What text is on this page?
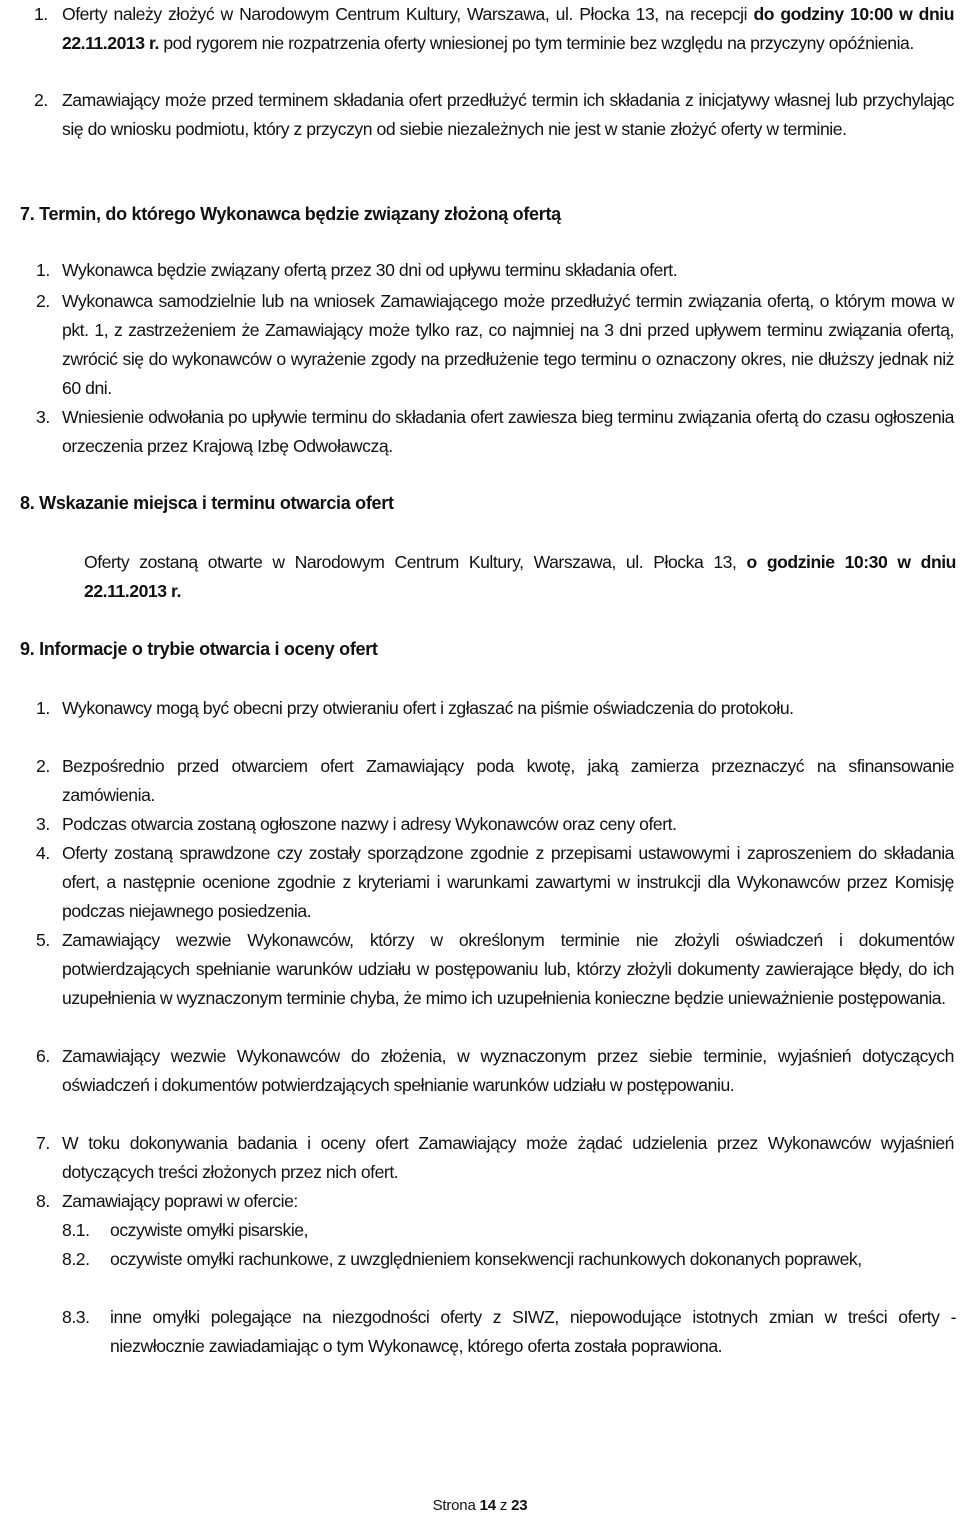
1. Oferty należy złożyć w Narodowym Centrum Kultury, Warszawa, ul. Płocka 13, na recepcji do godziny 10:00 w dniu 22.11.2013 r. pod rygorem nie rozpatrzenia oferty wniesionej po tym terminie bez względu na przyczyny opóźnienia.
2. Zamawiający może przed terminem składania ofert przedłużyć termin ich składania z inicjatywy własnej lub przychylając się do wniosku podmiotu, który z przyczyn od siebie niezależnych nie jest w stanie złożyć oferty w terminie.
7. Termin, do którego Wykonawca będzie związany złożoną ofertą
1. Wykonawca będzie związany ofertą przez 30 dni od upływu terminu składania ofert.
2. Wykonawca samodzielnie lub na wniosek Zamawiającego może przedłużyć termin związania ofertą, o którym mowa w pkt. 1, z zastrzeżeniem że Zamawiający może tylko raz, co najmniej na 3 dni przed upływem terminu związania ofertą, zwrócić się do wykonawców o wyrażenie zgody na przedłużenie tego terminu o oznaczony okres, nie dłuższy jednak niż 60 dni.
3. Wniesienie odwołania po upływie terminu do składania ofert zawiesza bieg terminu związania ofertą do czasu ogłoszenia orzeczenia przez Krajową Izbę Odwoławczą.
8. Wskazanie miejsca i terminu otwarcia ofert
Oferty zostaną otwarte w Narodowym Centrum Kultury, Warszawa, ul. Płocka 13, o godzinie 10:30 w dniu 22.11.2013 r.
9. Informacje o trybie otwarcia i oceny ofert
1. Wykonawcy mogą być obecni przy otwieraniu ofert i zgłaszać na piśmie oświadczenia do protokołu.
2. Bezpośrednio przed otwarciem ofert Zamawiający poda kwotę, jaką zamierza przeznaczyć na sfinansowanie zamówienia.
3. Podczas otwarcia zostaną ogłoszone nazwy i adresy Wykonawców oraz ceny ofert.
4. Oferty zostaną sprawdzone czy zostały sporządzone zgodnie z przepisami ustawowymi i zaproszeniem do składania ofert, a następnie ocenione zgodnie z kryteriami i warunkami zawartymi w instrukcji dla Wykonawców przez Komisję podczas niejawnego posiedzenia.
5. Zamawiający wezwie Wykonawców, którzy w określonym terminie nie złożyli oświadczeń i dokumentów potwierdzających spełnianie warunków udziału w postępowaniu lub, którzy złożyli dokumenty zawierające błędy, do ich uzupełnienia w wyznaczonym terminie chyba, że mimo ich uzupełnienia konieczne będzie unieważnienie postępowania.
6. Zamawiający wezwie Wykonawców do złożenia, w wyznaczonym przez siebie terminie, wyjaśnień dotyczących oświadczeń i dokumentów potwierdzających spełnianie warunków udziału w postępowaniu.
7. W toku dokonywania badania i oceny ofert Zamawiający może żądać udzielenia przez Wykonawców wyjaśnień dotyczących treści złożonych przez nich ofert.
8. Zamawiający poprawi w ofercie:
8.1.	oczywiste omyłki pisarskie,
8.2.	oczywiste omyłki rachunkowe, z uwzględnieniem konsekwencji rachunkowych dokonanych poprawek,
8.3.	inne omyłki polegające na niezgodności oferty z SIWZ, niepowodujące istotnych zmian w treści oferty - niezwłocznie zawiadamiając o tym Wykonawcę, którego oferta została poprawiona.
Strona 14 z 23
